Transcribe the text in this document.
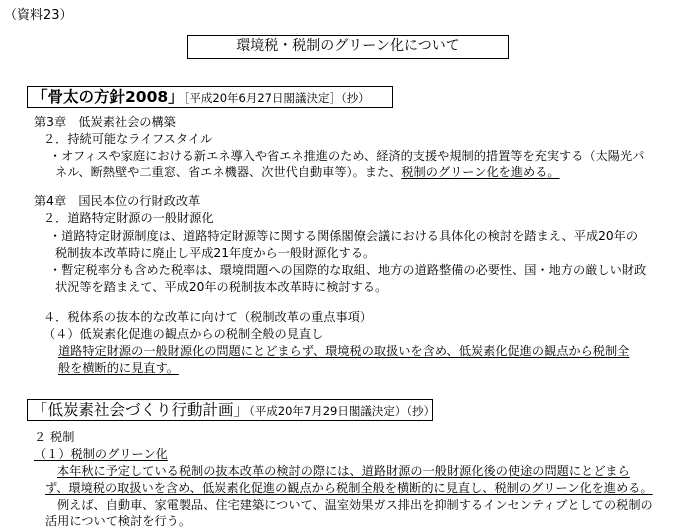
（資料23）
環境税・税制のグリーン化について
「骨太の方針2008」［平成20年6月27日閣議決定］（抄）
第3章　低炭素社会の構築
２．持続可能なライフスタイル
・オフィスや家庭における新エネ導入や省エネ推進のため、経済的支援や規制的措置等を充実する（太陽光パ
ネル、断熱壁や二重窓、省エネ機器、次世代自動車等）。また、税制のグリーン化を進める。
第4章　国民本位の行財政改革
２．道路特定財源の一般財源化
・道路特定財源制度は、道路特定財源等に関する関係閣僚会議における具体化の検討を踏まえ、平成20年の
税制抜本改革時に廃止し平成21年度から一般財源化する。
・暫定税率分も含めた税率は、環境問題への国際的な取組、地方の道路整備の必要性、国・地方の厳しい財政
状況等を踏まえて、平成20年の税制抜本改革時に検討する。
４．税体系の抜本的な改革に向けて（税制改革の重点事項）
（４）低炭素化促進の観点からの税制全般の見直し
道路特定財源の一般財源化の問題にとどまらず、環境税の取扱いを含め、低炭素化促進の観点から税制全
般を横断的に見直す。
「低炭素社会づくり行動計画」（平成20年7月29日閣議決定）（抄）
２ 税制
（１）税制のグリーン化
本年秋に予定している税制の抜本改革の検討の際には、道路財源の一般財源化後の使途の問題にとどまら
ず、環境税の取扱いを含め、低炭素化促進の観点から税制全般を横断的に見直し、税制のグリーン化を進める。
例えば、自動車、家電製品、住宅建築について、温室効果ガス排出を抑制するインセンティブとしての税制の
活用について検討を行う。
